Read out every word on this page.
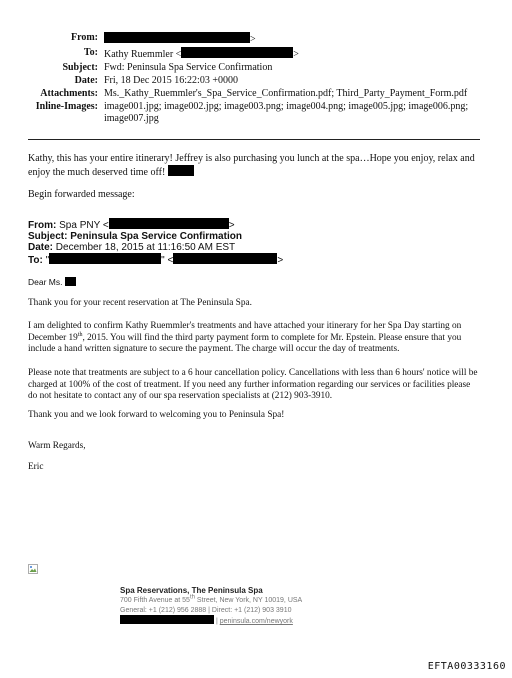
From:	>
To: Kathy Ruemmler <	>
Subject: Fwd: Peninsula Spa Service Confirmation
Date: Fri, 18 Dec 2015 16:22:03 +0000
Attachments: Ms._Kathy_Ruemmler's_Spa_Service_Confirmation.pdf; Third_Party_Payment_Form.pdf
Inline-Images: image001.jpg; image002.jpg; image003.png; image004.png; image005.jpg; image006.png; image007.jpg
Kathy, this has your entire itinerary! Jeffrey is also purchasing you lunch at the spa…Hope you enjoy, relax and enjoy the much deserved time off!
Begin forwarded message:
From: Spa PNY <	>
Subject: Peninsula Spa Service Confirmation
Date: December 18, 2015 at 11:16:50 AM EST
To: "	" <	>
Dear Ms.
Thank you for your recent reservation at The Peninsula Spa.
I am delighted to confirm Kathy Ruemmler's treatments and have attached your itinerary for her Spa Day starting on December 19th, 2015. You will find the third party payment form to complete for Mr. Epstein. Please ensure that you include a hand written signature to secure the payment. The charge will occur the day of treatments.
Please note that treatments are subject to a 6 hour cancellation policy. Cancellations with less than 6 hours' notice will be charged at 100% of the cost of treatment. If you need any further information regarding our services or facilities please do not hesitate to contact any of our spa reservation specialists at (212) 903-3910.
Thank you and we look forward to welcoming you to Peninsula Spa!
Warm Regards,
Eric
Spa Reservations, The Peninsula Spa
700 Fifth Avenue at 55th Street, New York, NY 10019, USA
General: +1 (212) 956 2888 | Direct: +1 (212) 903 3910
| peninsula.com/newyork
EFTA00333160
